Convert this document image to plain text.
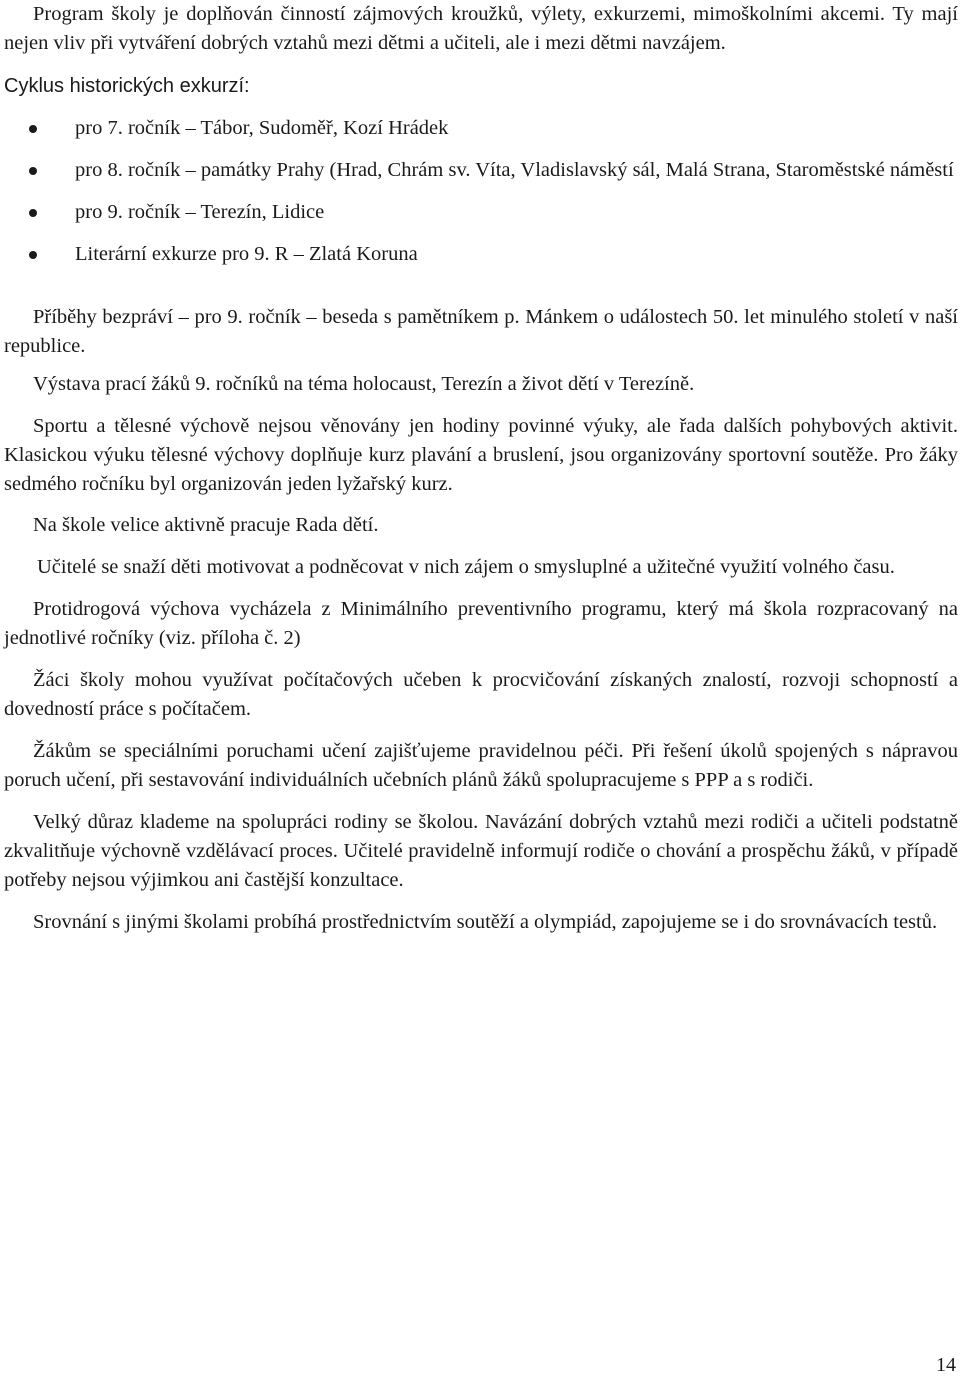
Program školy je doplňován činností zájmových kroužků, výlety, exkurzemi, mimoškolními akcemi. Ty mají nejen vliv při vytváření dobrých vztahů mezi dětmi a učiteli, ale i mezi dětmi navzájem.

Cyklus historických exkurzí:
pro 7. ročník – Tábor, Sudoměř, Kozí Hrádek
pro 8. ročník – památky Prahy (Hrad, Chrám sv. Víta, Vladislavský sál, Malá Strana, Staroměstské náměstí
pro 9. ročník – Terezín, Lidice
Literární exkurze pro 9. R – Zlatá Koruna

Příběhy bezpráví – pro 9. ročník – beseda s pamětníkem p. Mánkem o událostech 50. let minulého století v naší republice.

Výstava prací žáků 9. ročníků na téma holocaust, Terezín a život dětí v Terezíně.

Sportu a tělesné výchově nejsou věnovány jen hodiny povinné výuky, ale řada dalších pohybových aktivit. Klasickou výuku tělesné výchovy doplňuje kurz plavání a bruslení, jsou organizovány sportovní soutěže. Pro žáky sedmého ročníku byl organizován jeden lyžařský kurz.

Na škole velice aktivně pracuje Rada dětí.

Učitelé se snaží děti motivovat a podněcovat v nich zájem o smysluplné a užitečné využití volného času.

Protidrogová výchova vycházela z Minimálního preventivního programu, který má škola rozpracovaný na jednotlivé ročníky (viz. příloha č. 2)

Žáci školy mohou využívat počítačových učeben k procvičování získaných znalostí, rozvoji schopností a dovedností práce s počítačem.

Žákům se speciálními poruchami učení zajišťujeme pravidelnou péči. Při řešení úkolů spojených s nápravou poruch učení, při sestavování individuálních učebních plánů žáků spolupracujeme s PPP a s rodiči.

Velký důraz klademe na spolupráci rodiny se školou. Navázání dobrých vztahů mezi rodiči a učiteli podstatně zkvalitňuje výchovně vzdělávací proces. Učitelé pravidelně informují rodiče o chování a prospěchu žáků, v případě potřeby nejsou výjimkou ani častější konzultace.

Srovnání s jinými školami probíhá prostřednictvím soutěží a olympiád, zapojujeme se i do srovnávacích testů.

14
